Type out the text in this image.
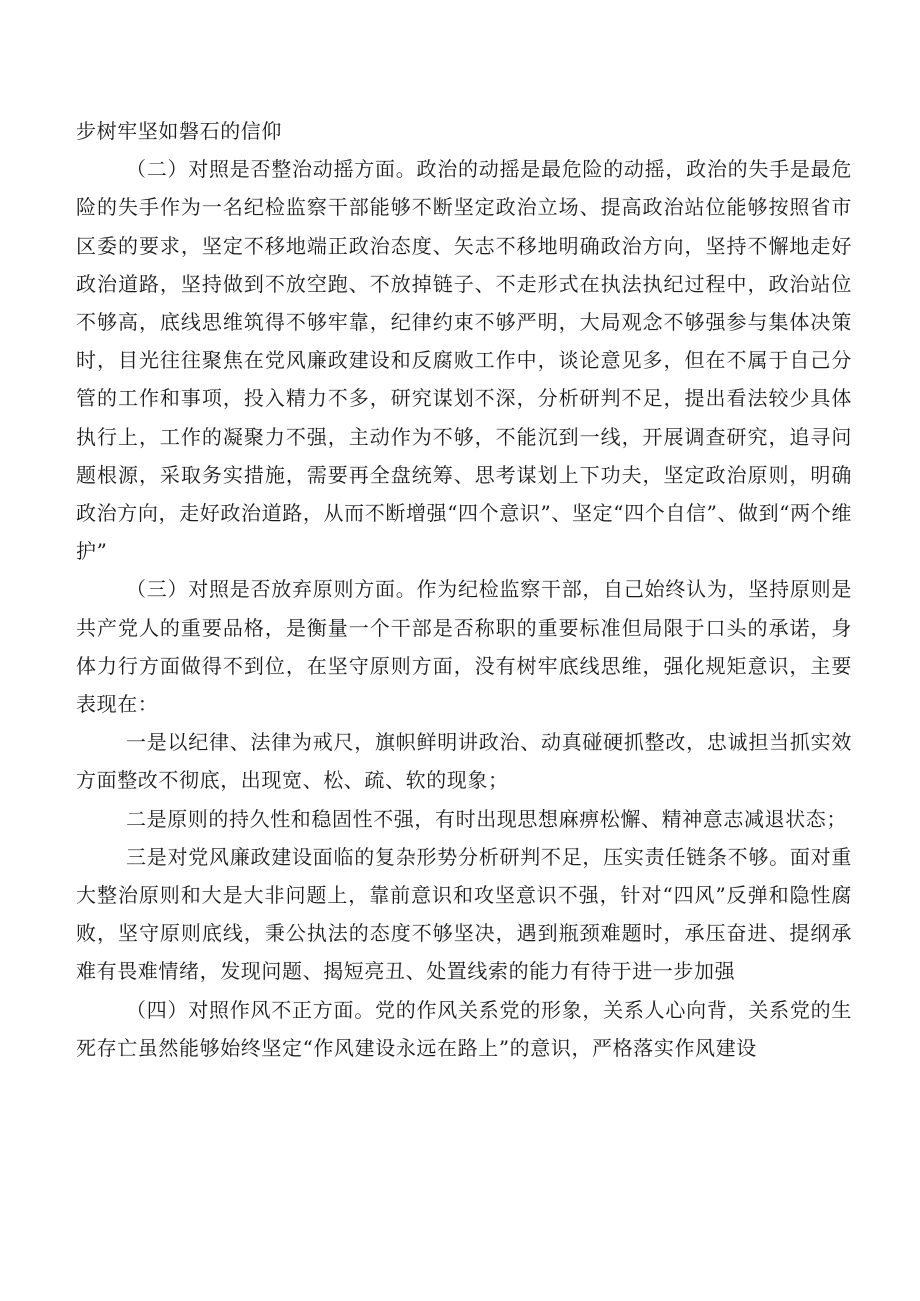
步树牢坚如磐石的信仰

（二）对照是否整治动摇方面。政治的动摇是最危险的动摇，政治的失手是最危险的失手作为一名纪检监察干部能够不断坚定政治立场、提高政治站位能够按照省市区委的要求，坚定不移地端正政治态度、矢志不移地明确政治方向，坚持不懈地走好政治道路，坚持做到不放空跑、不放掉链子、不走形式在执法执纪过程中，政治站位不够高，底线思维筑得不够牢靠，纪律约束不够严明，大局观念不够强参与集体决策时，目光往往聚焦在党风廉政建设和反腐败工作中，谈论意见多，但在不属于自己分管的工作和事项，投入精力不多，研究谋划不深，分析研判不足，提出看法较少具体执行上，工作的凝聚力不强，主动作为不够，不能沉到一线，开展调查研究，追寻问题根源，采取务实措施，需要再全盘统筹、思考谋划上下功夫，坚定政治原则，明确政治方向，走好政治道路，从而不断增强“四个意识”、坚定“四个自信”、做到“两个维护”

（三）对照是否放弃原则方面。作为纪检监察干部，自己始终认为，坚持原则是共产党人的重要品格，是衡量一个干部是否称职的重要标准但局限于口头的承诺，身体力行方面做得不到位，在坚守原则方面，没有树牢底线思维，强化规矩意识，主要表现在：

一是以纪律、法律为戒尺，旗帜鲜明讲政治、动真碰硬抓整改，忠诚担当抓实效方面整改不彻底，出现宽、松、疏、软的现象；

二是原则的持久性和稳固性不强，有时出现思想麻痹松懈、精神意志减退状态；

三是对党风廉政建设面临的复杂形势分析研判不足，压实责任链条不够。面对重大整治原则和大是大非问题上，靠前意识和攻坚意识不强，针对“四风”反弹和隐性腐败，坚守原则底线，秉公执法的态度不够坚决，遇到瓶颈难题时，承压奋进、提纲承难有畏难情绪，发现问题、揭短亮丑、处置线索的能力有待于进一步加强

（四）对照作风不正方面。党的作风关系党的形象，关系人心向背，关系党的生死存亡虽然能够始终坚定“作风建设永远在路上”的意识，严格落实作风建设
